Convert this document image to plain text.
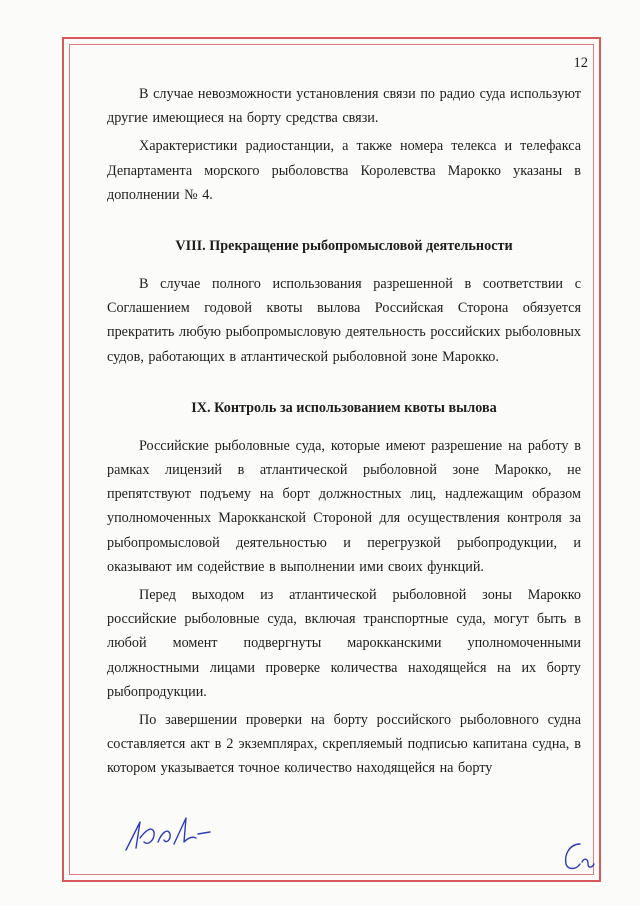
12

В случае невозможности установления связи по радио суда используют другие имеющиеся на борту средства связи.

Характеристики радиостанции, а также номера телекса и телефакса Департамента морского рыболовства Королевства Марокко указаны в дополнении № 4.

VIII. Прекращение рыбопромысловой деятельности

В случае полного использования разрешенной в соответствии с Соглашением годовой квоты вылова Российская Сторона обязуется прекратить любую рыбопромысловую деятельность российских рыболовных судов, работающих в атлантической рыболовной зоне Марокко.

IX. Контроль за использованием квоты вылова

Российские рыболовные суда, которые имеют разрешение на работу в рамках лицензий в атлантической рыболовной зоне Марокко, не препятствуют подъему на борт должностных лиц, надлежащим образом уполномоченных Марокканской Стороной для осуществления контроля за рыбопромысловой деятельностью и перегрузкой рыбопродукции, и оказывают им содействие в выполнении ими своих функций.

Перед выходом из атлантической рыболовной зоны Марокко российские рыболовные суда, включая транспортные суда, могут быть в любой момент подвергнуты марокканскими уполномоченными должностными лицами проверке количества находящейся на их борту рыбопродукции.

По завершении проверки на борту российского рыболовного судна составляется акт в 2 экземплярах, скрепляемый подписью капитана судна, в котором указывается точное количество находящейся на борту
